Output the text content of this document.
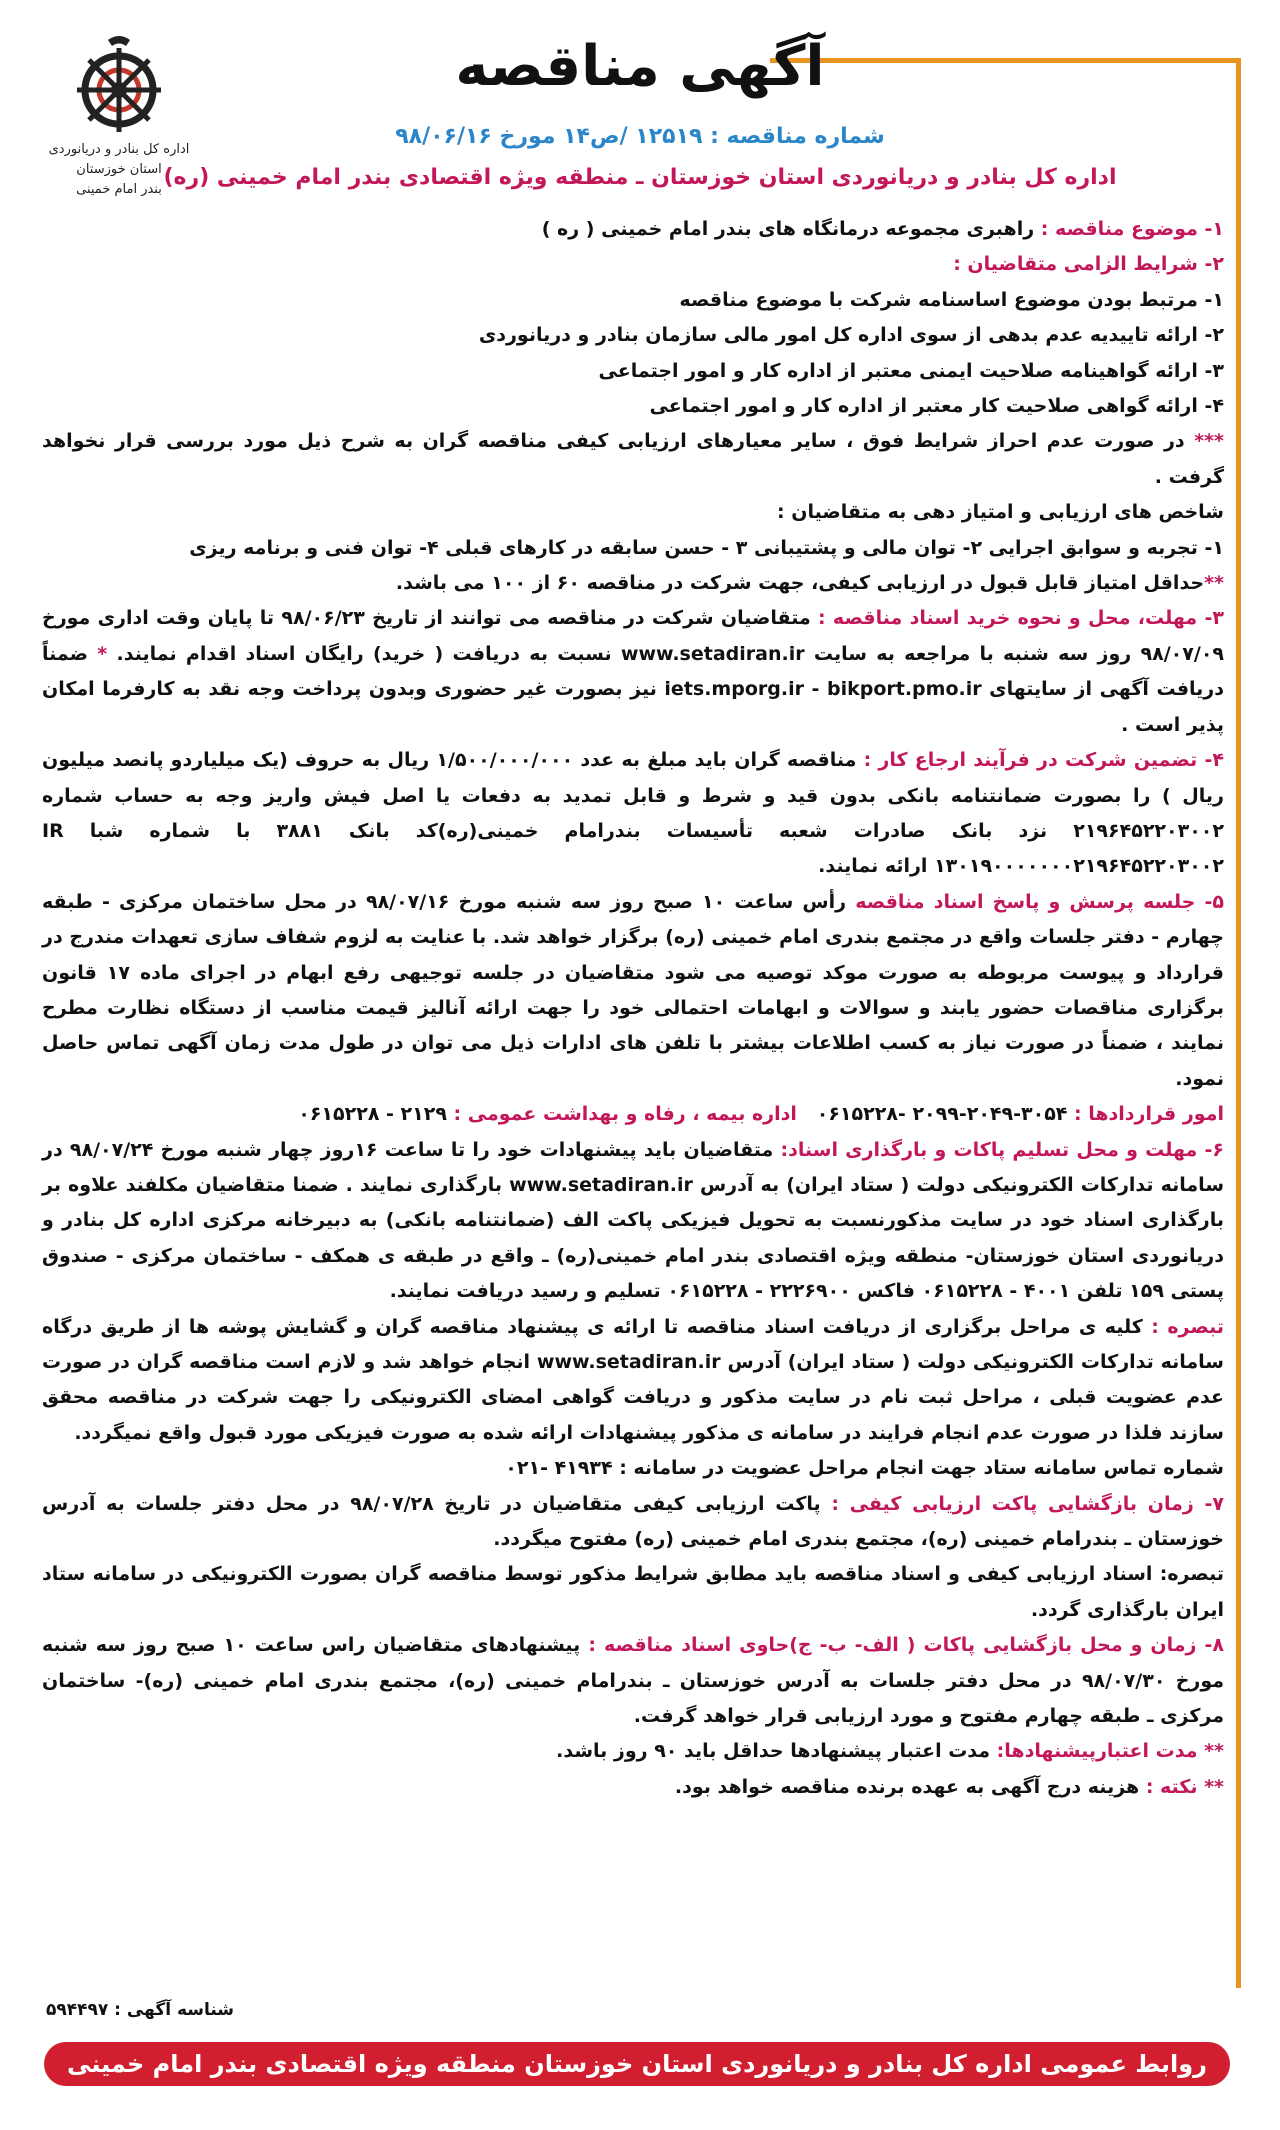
اداره کل بنادر و دریانوردی استان خوزستان
بندر امام خمینی
آگهی مناقصه
شماره مناقصه : ۱۲۵۱۹ /ص۱۴ مورخ ۹۸/۰۶/۱۶
اداره کل بنادر و دریانوردی استان خوزستان ـ منطقه ویژه اقتصادی بندر امام خمینی (ره)

۱- موضوع مناقصه : راهبری مجموعه درمانگاه های بندر امام خمینی ( ره )

۲- شرایط الزامی متقاضیان :

۱- مرتبط بودن موضوع اساسنامه شرکت با موضوع مناقصه

۲- ارائه تاییدیه عدم بدهی از سوی اداره کل امور مالی سازمان بنادر و دریانوردی

۳- ارائه گواهینامه صلاحیت ایمنی معتبر از اداره کار و امور اجتماعی

۴- ارائه گواهی صلاحیت کار معتبر از اداره کار و امور اجتماعی

*** در صورت عدم احراز شرایط فوق ، سایر معیارهای ارزیابی کیفی مناقصه گران به شرح ذیل مورد بررسی قرار نخواهد گرفت .

شاخص های ارزیابی و امتیاز دهی به متقاضیان :

۱- تجربه و سوابق اجرایی ۲- توان مالی و پشتیبانی ۳ - حسن سابقه در کارهای قبلی ۴- توان فنی و برنامه ریزی

**حداقل امتیاز قابل قبول در ارزیابی کیفی، جهت شرکت در مناقصه ۶۰ از ۱۰۰ می باشد.

۳- مهلت، محل و نحوه خرید اسناد مناقصه : متقاضیان شرکت در مناقصه می توانند از تاریخ ۹۸/۰۶/۲۳ تا پایان وقت اداری مورخ ۹۸/۰۷/۰۹ روز سه شنبه با مراجعه به سایت www.setadiran.ir نسبت به دریافت ( خرید) رایگان اسناد اقدام نمایند. * ضمناً دریافت آگهی از سایتهای iets.mporg.ir - bikport.pmo.ir نیز بصورت غیر حضوری وبدون پرداخت وجه نقد به کارفرما امکان پذیر است .

۴- تضمین شرکت در فرآیند ارجاع کار : مناقصه گران باید مبلغ به عدد ۱/۵۰۰/۰۰۰/۰۰۰ ریال به حروف (یک میلیاردو پانصد میلیون ریال ) را بصورت ضمانتنامه بانکی بدون قید و شرط و قابل تمدید به دفعات یا اصل فیش واریز وجه به حساب شماره ۲۱۹۶۴۵۲۲۰۳۰۰۲ نزد بانک صادرات شعبه تأسیسات بندرامام خمینی(ره)کد بانک ۳۸۸۱ با شماره شبا IR ۱۳۰۱۹۰۰۰۰۰۰۰۲۱۹۶۴۵۲۲۰۳۰۰۲ ارائه نمایند.

۵- جلسه پرسش و پاسخ اسناد مناقصه رأس ساعت ۱۰ صبح روز سه شنبه مورخ ۹۸/۰۷/۱۶ در محل ساختمان مرکزی - طبقه چهارم - دفتر جلسات واقع در مجتمع بندری امام خمینی (ره) برگزار خواهد شد. با عنایت به لزوم شفاف سازی تعهدات مندرج در قرارداد و پیوست مربوطه به صورت موکد توصیه می شود متقاضیان در جلسه توجیهی رفع ابهام در اجرای ماده ۱۷ قانون برگزاری مناقصات حضور یابند و سوالات و ابهامات احتمالی خود را جهت ارائه آنالیز قیمت مناسب از دستگاه نظارت مطرح نمایند ، ضمناً در صورت نیاز به کسب اطلاعات بیشتر با تلفن های ادارات ذیل می توان در طول مدت زمان آگهی تماس حاصل نمود.

امور قراردادها : ۳۰۵۴-۲۰۴۹-۲۰۹۹ -۰۶۱۵۲۲۸   اداره بیمه ، رفاه و بهداشت عمومی : ۲۱۲۹ - ۰۶۱۵۲۲۸

۶- مهلت و محل تسلیم پاکات و بارگذاری اسناد: متقاضیان باید پیشنهادات خود را تا ساعت ۱۶روز چهار شنبه مورخ ۹۸/۰۷/۲۴ در سامانه تدارکات الکترونیکی دولت ( ستاد ایران) به آدرس www.setadiran.ir بارگذاری نمایند . ضمنا متقاضیان مکلفند علاوه بر بارگذاری اسناد خود در سایت مذکورنسبت به تحویل فیزیکی پاکت الف (ضمانتنامه بانکی) به دبیرخانه مرکزی اداره کل بنادر و دریانوردی استان خوزستان- منطقه ویژه اقتصادی بندر امام خمینی(ره) ـ واقع در طبقه ی همکف - ساختمان مرکزی - صندوق پستی ۱۵۹ تلفن ۴۰۰۱ - ۰۶۱۵۲۲۸ فاکس ۲۲۲۶۹۰۰ - ۰۶۱۵۲۲۸ تسلیم و رسید دریافت نمایند.

تبصره : کلیه ی مراحل برگزاری از دریافت اسناد مناقصه تا ارائه ی پیشنهاد مناقصه گران و گشایش پوشه ها از طریق درگاه سامانه تدارکات الکترونیکی دولت ( ستاد ایران) آدرس www.setadiran.ir انجام خواهد شد و لازم است مناقصه گران در صورت عدم عضویت قبلی ، مراحل ثبت نام در سایت مذکور و دریافت گواهی امضای الکترونیکی را جهت شرکت در مناقصه محقق سازند فلذا در صورت عدم انجام فرایند در سامانه ی مذکور پیشنهادات ارائه شده به صورت فیزیکی مورد قبول واقع نمیگردد.

شماره تماس سامانه ستاد جهت انجام مراحل عضویت در سامانه : ۴۱۹۳۴ -۰۲۱

۷- زمان بازگشایی پاکت ارزیابی کیفی : پاکت ارزیابی کیفی متقاضیان در تاریخ ۹۸/۰۷/۲۸ در محل دفتر جلسات به آدرس خوزستان ـ بندرامام خمینی (ره)، مجتمع بندری امام خمینی (ره) مفتوح میگردد.

تبصره: اسناد ارزیابی کیفی و اسناد مناقصه باید مطابق شرایط مذکور توسط مناقصه گران بصورت الکترونیکی در سامانه ستاد ایران بارگذاری گردد.

۸- زمان و محل بازگشایی پاکات ( الف- ب- ج)حاوی اسناد مناقصه : پیشنهادهای متقاضیان راس ساعت ۱۰ صبح روز سه شنبه مورخ ۹۸/۰۷/۳۰ در محل دفتر جلسات به آدرس خوزستان ـ بندرامام خمینی (ره)، مجتمع بندری امام خمینی (ره)- ساختمان مرکزی ـ طبقه چهارم مفتوح و مورد ارزیابی قرار خواهد گرفت.

** مدت اعتبارپیشنهادها: مدت اعتبار پیشنهادها حداقل باید ۹۰ روز باشد.

** نکته : هزینه درج آگهی به عهده برنده مناقصه خواهد بود.

شناسه آگهی : ۵۹۴۴۹۷
روابط عمومی اداره کل بنادر و دریانوردی استان خوزستان منطقه ویژه اقتصادی بندر امام خمینی (ره)
